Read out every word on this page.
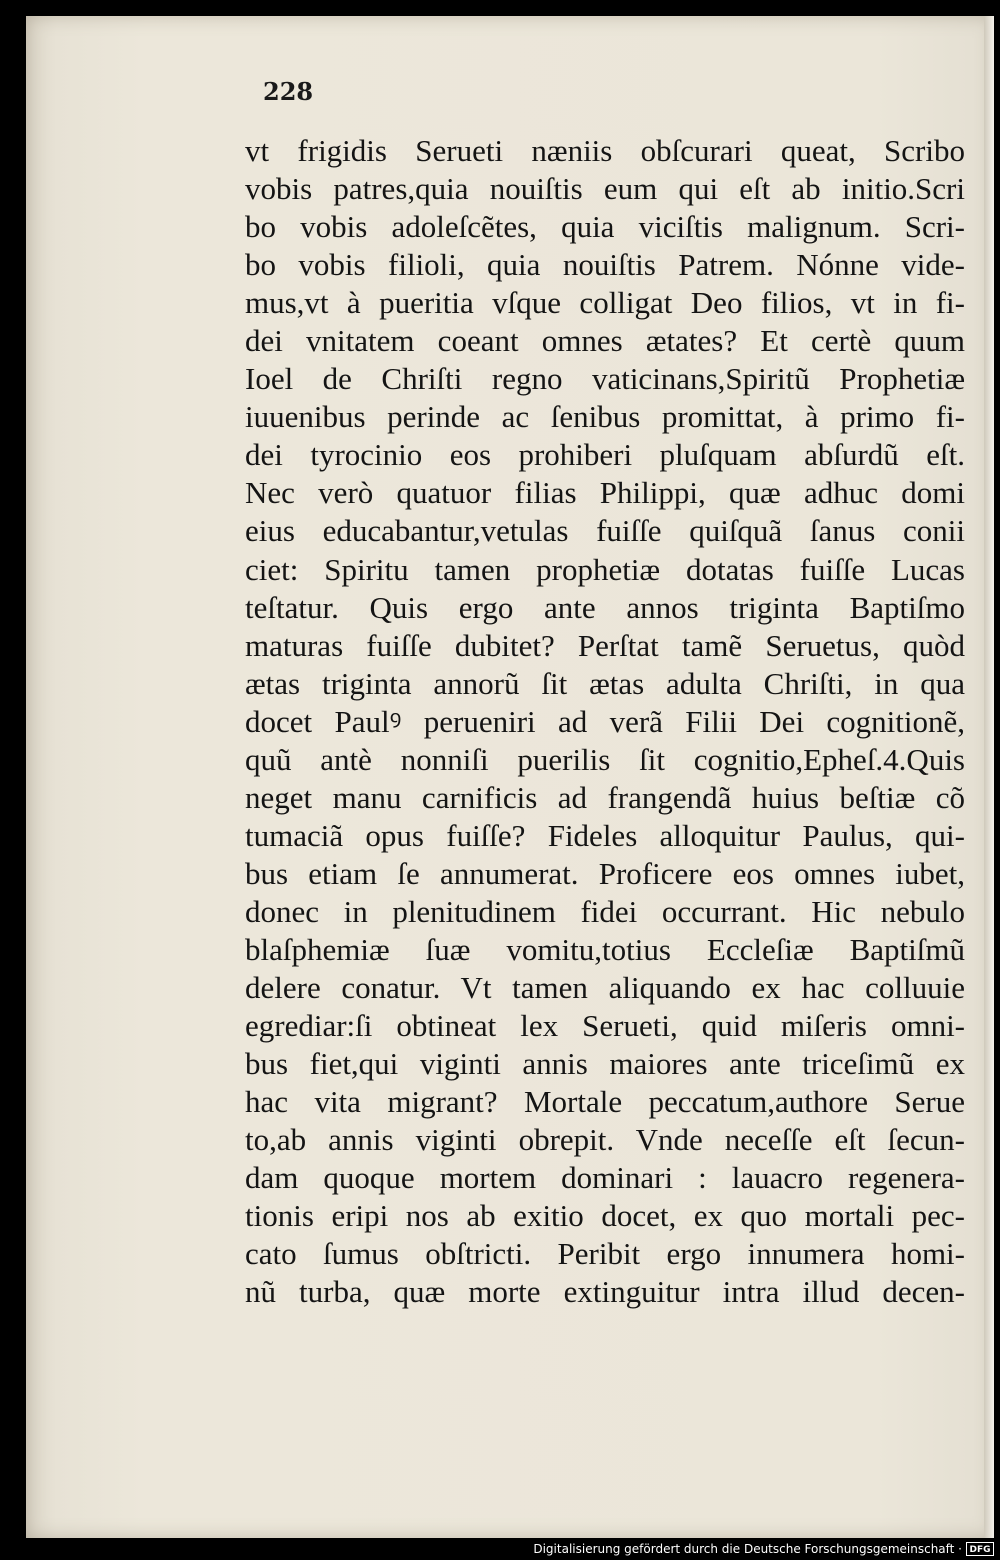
228

vt frigidis Serueti næniis obſcurari queat, Scribo
vobis patres,quia nouiſtis eum qui eſt ab initio.Scri
bo vobis adoleſcẽtes, quia viciſtis malignum. Scri-
bo vobis filioli, quia nouiſtis Patrem. Nónne vide-
mus,vt à pueritia vſque colligat Deo filios, vt in fi-
dei vnitatem coeant omnes ætates? Et certè quum
Ioel de Chriſti regno vaticinans,Spiritũ Prophetiæ
iuuenibus perinde ac ſenibus promittat, à primo fi-
dei tyrocinio eos prohiberi pluſquam abſurdũ eſt.
Nec verò quatuor filias Philippi, quæ adhuc domi
eius educabantur,vetulas fuiſſe quiſquã ſanus conii
ciet: Spiritu tamen prophetiæ dotatas fuiſſe Lucas
teſtatur. Quis ergo ante annos triginta Baptiſmo
maturas fuiſſe dubitet? Perſtat tamẽ Seruetus, quòd
ætas triginta annorũ ſit ætas adulta Chriſti, in qua
docet Paulꝰ perueniri ad verã Filii Dei cognitionẽ,
quũ antè nonniſi puerilis ſit cognitio,Epheſ.4.Quis
neget manu carnificis ad frangendã huius beſtiæ cõ
tumaciã opus fuiſſe? Fideles alloquitur Paulus, qui-
bus etiam ſe annumerat. Proficere eos omnes iubet,
donec in plenitudinem fidei occurrant. Hic nebulo
blaſphemiæ ſuæ vomitu,totius Eccleſiæ Baptiſmũ
delere conatur. Vt tamen aliquando ex hac colluuie
egrediar:ſi obtineat lex Serueti, quid miſeris omni-
bus fiet,qui viginti annis maiores ante triceſimũ ex
hac vita migrant? Mortale peccatum,authore Serue
to,ab annis viginti obrepit. Vnde neceſſe eſt ſecun-
dam quoque mortem dominari : lauacro regenera-
tionis eripi nos ab exitio docet, ex quo mortali pec-
cato ſumus obſtricti. Peribit ergo innumera homi-
nũ turba, quæ morte extinguitur intra illud decen-

Digitalisierung gefördert durch die Deutsche Forschungsgemeinschaft · DFG
